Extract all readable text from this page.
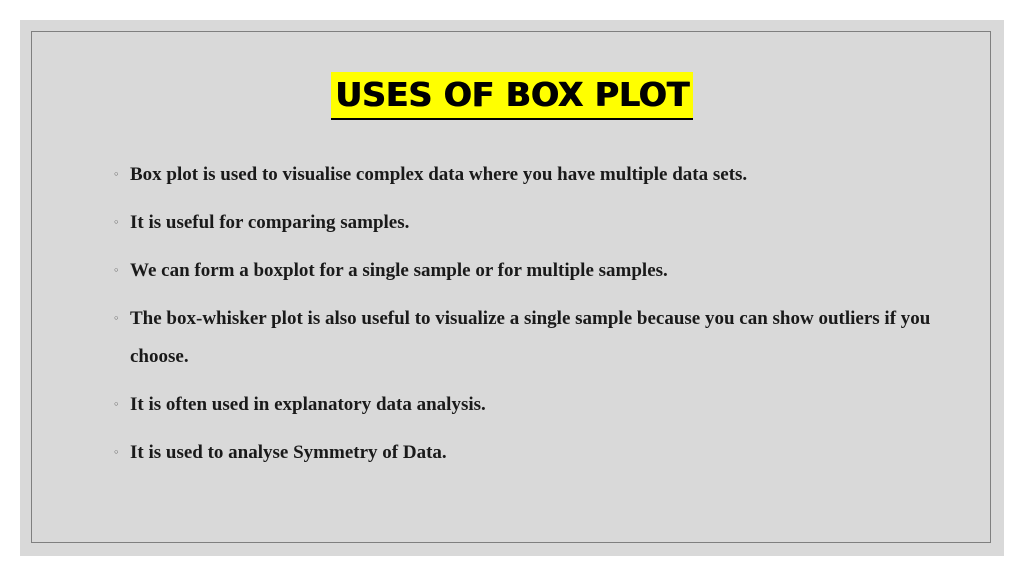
USES OF BOX PLOT
◦ Box plot is used to visualise complex data where you have multiple data sets.
◦ It is useful for comparing samples.
◦ We can form a boxplot for a single sample or for multiple samples.
◦ The box-whisker plot is also useful to visualize a single sample because you can show outliers if you choose.
◦ It is often used in explanatory data analysis.
◦ It is used to analyse Symmetry of Data.
